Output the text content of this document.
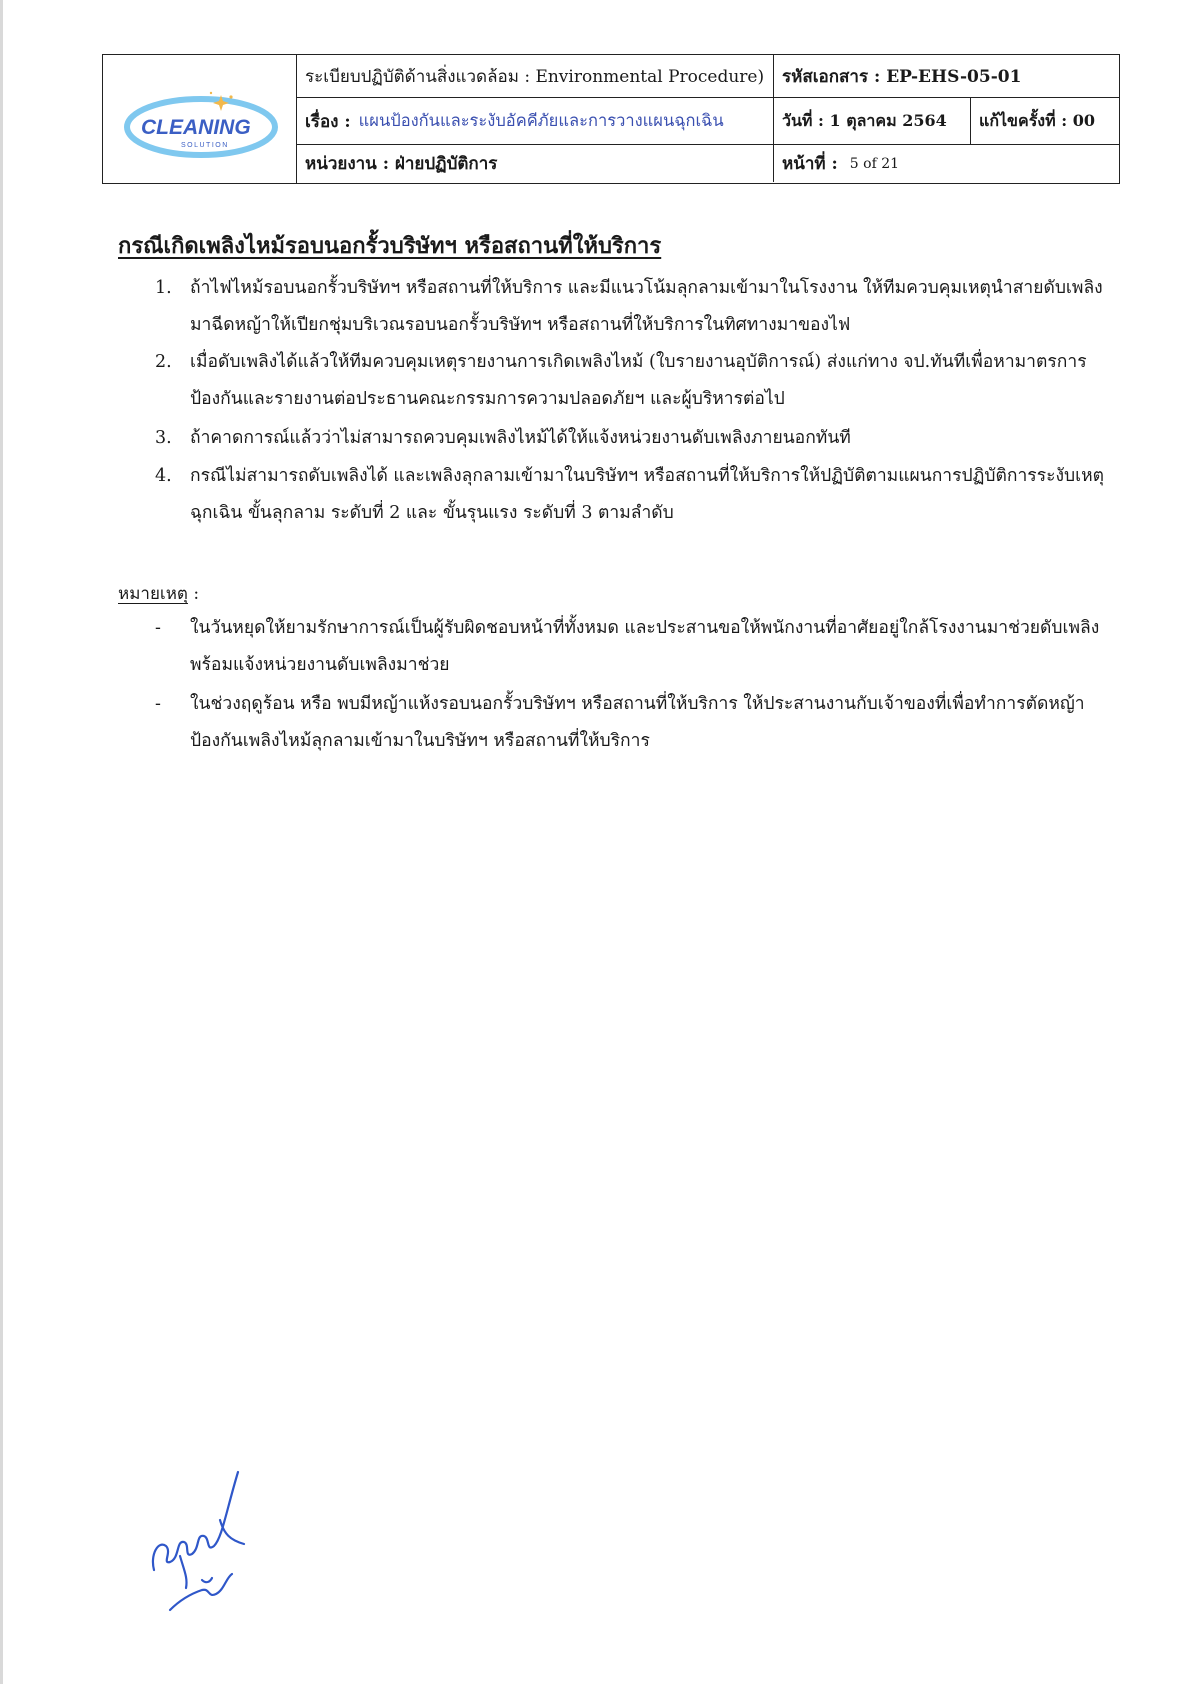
CLEANING
SOLUTION
ระเบียบปฏิบัติด้านสิ่งแวดล้อม : Environmental Procedure) รหัสเอกสาร : EP-EHS-05-01
เรื่อง : แผนป้องกันและระงับอัคคีภัยและการวางแผนฉุกเฉิน	วันที่ : 1 ตุลาคม 2564 แก้ไขครั้งที่ : 00
หน่วยงาน : ฝ่ายปฏิบัติการ	หน้าที่ : 5 of 21
กรณีเกิดเพลิงไหม้รอบนอกรั้วบริษัทฯ หรือสถานที่ให้บริการ
1.	ถ้าไฟไหม้รอบนอกรั้วบริษัทฯ หรือสถานที่ให้บริการ และมีแนวโน้มลุกลามเข้ามาในโรงงาน ให้ทีมควบคุมเหตุนำสายดับเพลิงมาฉีดหญ้าให้เปียกชุ่มบริเวณรอบนอกรั้วบริษัทฯ หรือสถานที่ให้บริการในทิศทางมาของไฟ
2.	เมื่อดับเพลิงได้แล้วให้ทีมควบคุมเหตุรายงานการเกิดเพลิงไหม้ (ใบรายงานอุบัติการณ์) ส่งแก่ทาง จป.ทันทีเพื่อหามาตรการป้องกันและรายงานต่อประธานคณะกรรมการความปลอดภัยฯ และผู้บริหารต่อไป
3.	ถ้าคาดการณ์แล้วว่าไม่สามารถควบคุมเพลิงไหม้ได้ให้แจ้งหน่วยงานดับเพลิงภายนอกทันที
4.	กรณีไม่สามารถดับเพลิงได้ และเพลิงลุกลามเข้ามาในบริษัทฯ หรือสถานที่ให้บริการให้ปฏิบัติตามแผนการปฏิบัติการระงับเหตุฉุกเฉิน ขั้นลุกลาม ระดับที่ 2 และ ขั้นรุนแรง ระดับที่ 3 ตามลำดับ
หมายเหตุ :
- ในวันหยุดให้ยามรักษาการณ์เป็นผู้รับผิดชอบหน้าที่ทั้งหมด และประสานขอให้พนักงานที่อาศัยอยู่ใกล้โรงงานมาช่วยดับเพลิงพร้อมแจ้งหน่วยงานดับเพลิงมาช่วย
- ในช่วงฤดูร้อน หรือ พบมีหญ้าแห้งรอบนอกรั้วบริษัทฯ หรือสถานที่ให้บริการ ให้ประสานงานกับเจ้าของที่เพื่อทำการตัดหญ้าป้องกันเพลิงไหม้ลุกลามเข้ามาในบริษัทฯ หรือสถานที่ให้บริการ
